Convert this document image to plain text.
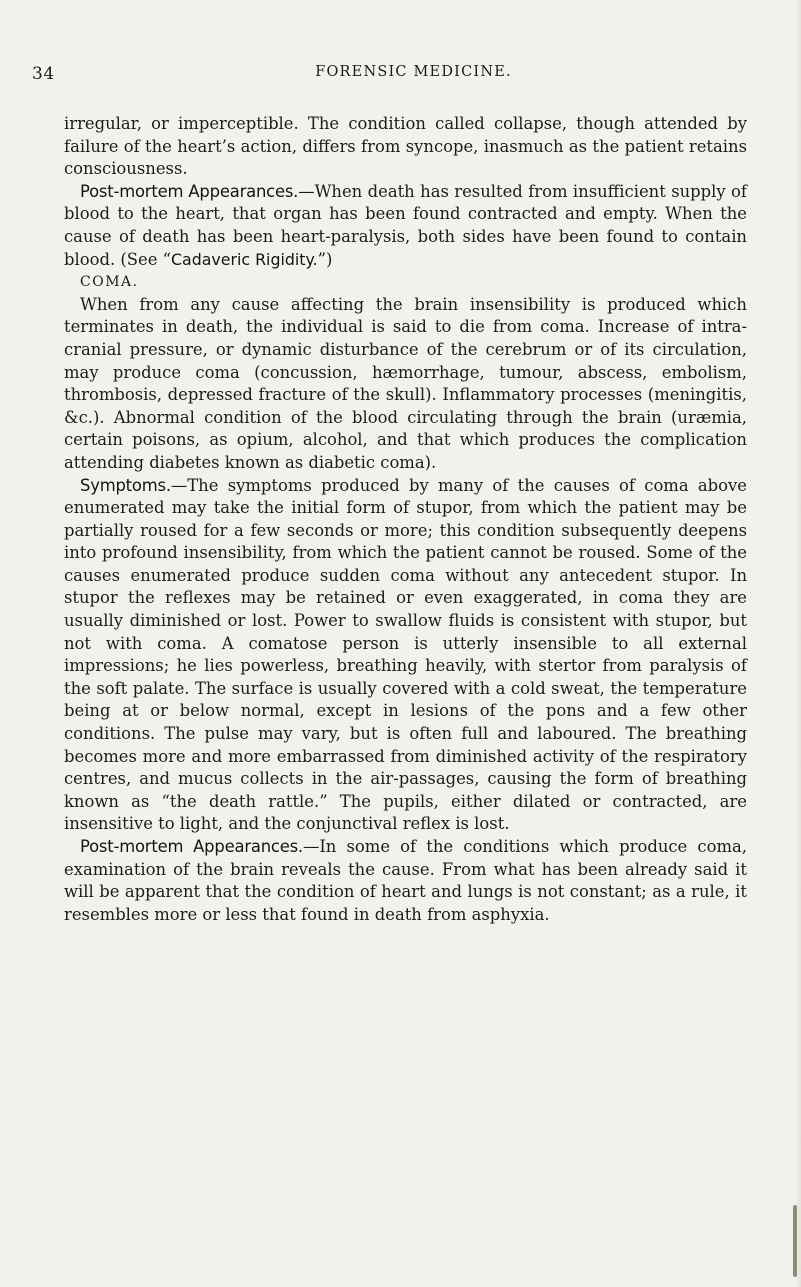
34	FORENSIC MEDICINE.

irregular, or imperceptible. The condition called collapse, though attended by failure of the heart’s action, differs from syncope, inasmuch as the patient retains consciousness.

Post-mortem Appearances.—When death has resulted from insufficient supply of blood to the heart, that organ has been found contracted and empty. When the cause of death has been heart-paralysis, both sides have been found to contain blood. (See “Cadaveric Rigidity.”)

COMA.

When from any cause affecting the brain insensibility is produced which terminates in death, the individual is said to die from coma. Increase of intra-cranial pressure, or dynamic disturbance of the cerebrum or of its circulation, may produce coma (concussion, hæmorrhage, tumour, abscess, embolism, thrombosis, depressed fracture of the skull). Inflammatory processes (meningitis, &c.). Abnormal condition of the blood circulating through the brain (uræmia, certain poisons, as opium, alcohol, and that which produces the complication attending diabetes known as diabetic coma).

Symptoms.—The symptoms produced by many of the causes of coma above enumerated may take the initial form of stupor, from which the patient may be partially roused for a few seconds or more; this condition subsequently deepens into profound insensibility, from which the patient cannot be roused. Some of the causes enumerated produce sudden coma without any antecedent stupor. In stupor the reflexes may be retained or even exaggerated, in coma they are usually diminished or lost. Power to swallow fluids is consistent with stupor, but not with coma. A comatose person is utterly insensible to all external impressions; he lies powerless, breathing heavily, with stertor from paralysis of the soft palate. The surface is usually covered with a cold sweat, the temperature being at or below normal, except in lesions of the pons and a few other conditions. The pulse may vary, but is often full and laboured. The breathing becomes more and more embarrassed from diminished activity of the respiratory centres, and mucus collects in the air-passages, causing the form of breathing known as “the death rattle.” The pupils, either dilated or contracted, are insensitive to light, and the conjunctival reflex is lost.

Post-mortem Appearances.—In some of the conditions which produce coma, examination of the brain reveals the cause. From what has been already said it will be apparent that the condition of heart and lungs is not constant; as a rule, it resembles more or less that found in death from asphyxia.
